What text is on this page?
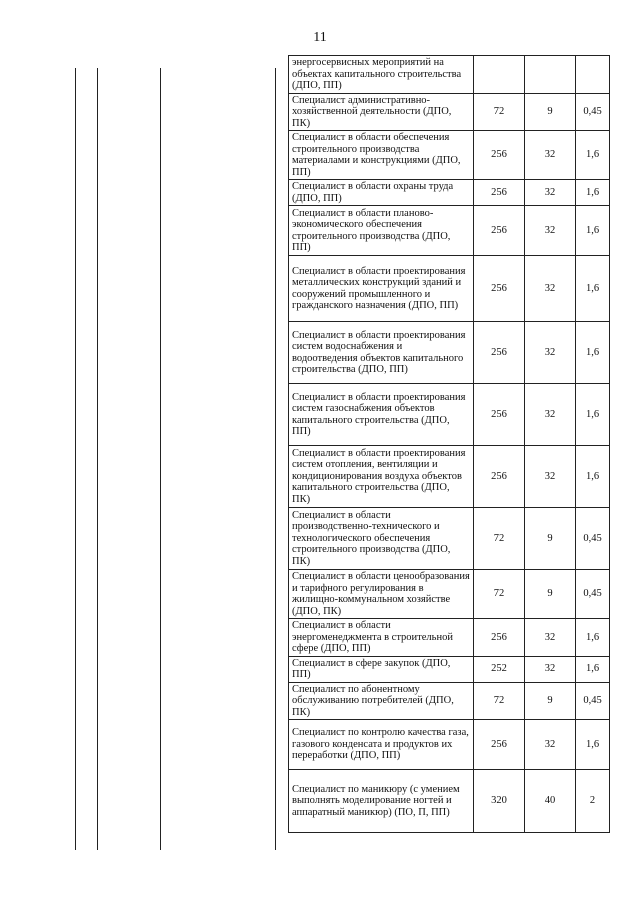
11
энергосервисных мероприятий на объектах капитального строительства (ДПО, ПП)			
Специалист административно-хозяйственной деятельности (ДПО, ПК)	72	9	0,45
Специалист в области обеспечения строительного производства материалами и конструкциями (ДПО, ПП)	256	32	1,6
Специалист в области охраны труда (ДПО, ПП)	256	32	1,6
Специалист в области планово-экономического обеспечения строительного производства (ДПО, ПП)	256	32	1,6
Специалист в области проектирования металлических конструкций зданий и сооружений промышленного и гражданского назначения (ДПО, ПП)	256	32	1,6
Специалист в области проектирования систем водоснабжения и водоотведения объектов капитального строительства (ДПО, ПП)	256	32	1,6
Специалист в области проектирования систем газоснабжения объектов капитального строительства (ДПО, ПП)	256	32	1,6
Специалист в области проектирования систем отопления, вентиляции и кондиционирования воздуха объектов капитального строительства (ДПО, ПК)	256	32	1,6
Специалист в области производственно-технического и технологического обеспечения строительного производства (ДПО, ПК)	72	9	0,45
Специалист в области ценообразования и тарифного регулирования в жилищно-коммунальном хозяйстве (ДПО, ПК)	72	9	0,45
Специалист в области энергоменеджмента в строительной сфере (ДПО, ПП)	256	32	1,6
Специалист в сфере закупок (ДПО, ПП)	252	32	1,6
Специалист по абонентному обслуживанию потребителей (ДПО, ПК)	72	9	0,45
Специалист по контролю качества газа, газового конденсата и продуктов их переработки (ДПО, ПП)	256	32	1,6
Специалист по маникюру (с умением выполнять моделирование ногтей и аппаратный маникюр) (ПО, П, ПП)	320	40	2
